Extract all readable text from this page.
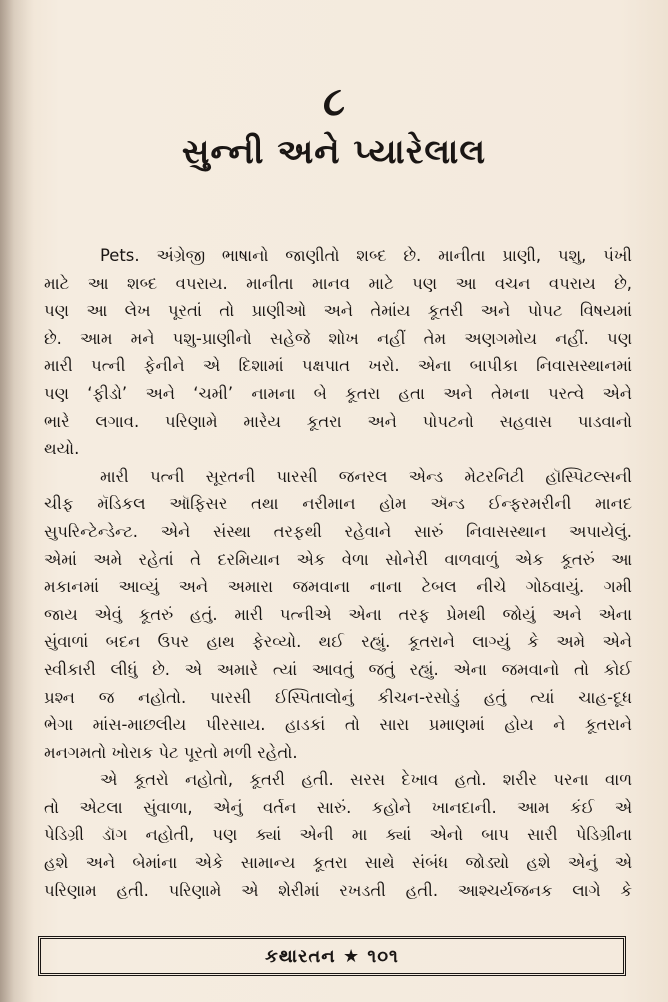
૮
સુન્ની અને પ્યારેલાલ
Pets. અંગ્રેજી ભાષાનો જાણીતો શબ્દ છે. માનીતા પ્રાણી, પશુ, પંખી
માટે આ શબ્દ વપરાય. માનીતા માનવ માટે પણ આ વચન વપરાય છે,
પણ આ લેખ પૂરતાં તો પ્રાણીઓ અને તેમાંય કૂતરી અને પોપટ વિષયમાં
છે. આમ મને પશુ-પ્રાણીનો સહેજે શોખ નહીં તેમ અણગમોય નહીં. પણ
મારી પત્ની ફેનીને એ દિશામાં પક્ષપાત ખરો. એના બાપીકા નિવાસસ્થાનમાં
પણ ‘ફીડો’ અને ‘ચમી’ નામના બે કૂતરા હતા અને તેમના પરત્વે એને
ભારે લગાવ. પરિણામે મારેય કૂતરા અને પોપટનો સહવાસ પાડવાનો
થયો.
મારી પત્ની સૂરતની પારસી જનરલ એન્ડ મેટરનિટી હૉસ્પિટલ્સની
ચીફ મૅડિકલ ઑફિસર તથા નરીમાન હોમ ઍન્ડ ઈન્ફરમરીની માનદ
સુપરિન્ટેન્ડેન્ટ. એને સંસ્થા તરફથી રહેવાને સારું નિવાસસ્થાન અપાયેલું.
એમાં અમે રહેતાં તે દરમિયાન એક વેળા સોનેરી વાળવાળું એક કૂતરું આ
મકાનમાં આવ્યું અને અમારા જમવાના નાના ટેબલ નીચે ગોઠવાયું. ગમી
જાય એવું કૂતરું હતું. મારી પત્નીએ એના તરફ પ્રેમથી જોયું અને એના
સુંવાળાં બદન ઉપર હાથ ફેરવ્યો. થઈ રહ્યું. કૂતરાને લાગ્યું કે અમે એને
સ્વીકારી લીધું છે. એ અમારે ત્યાં આવતું જતું રહ્યું. એના જમવાનો તો કોઈ
પ્રશ્ન જ નહોતો. પારસી ઈસ્પિતાલોનું કીચન-રસોડું હતું ત્યાં ચાહ-દૂધ
ભેગા માંસ-માછલીય પીરસાય. હાડકાં તો સારા પ્રમાણમાં હોય ને કૂતરાને
મનગમતો ખોરાક પેટ પૂરતો મળી રહેતો.
એ કૂતરો નહોતો, કૂતરી હતી. સરસ દેખાવ હતો. શરીર પરના વાળ
તો એટલા સુંવાળા, એનું વર્તન સારું. કહોને ખાનદાની. આમ કંઈ એ
પેડિગ્રી ડૉગ નહોતી, પણ ક્યાં એની મા ક્યાં એનો બાપ સારી પેડિગ્રીના
હશે અને બેમાંના એકે સામાન્ય કૂતરા સાથે સંબંધ જોડ્યો હશે એનું એ
પરિણામ હતી. પરિણામે એ શેરીમાં રખડતી હતી. આશ્ચર્યજનક લાગે કે
કથારતન ★ ૧૦૧
